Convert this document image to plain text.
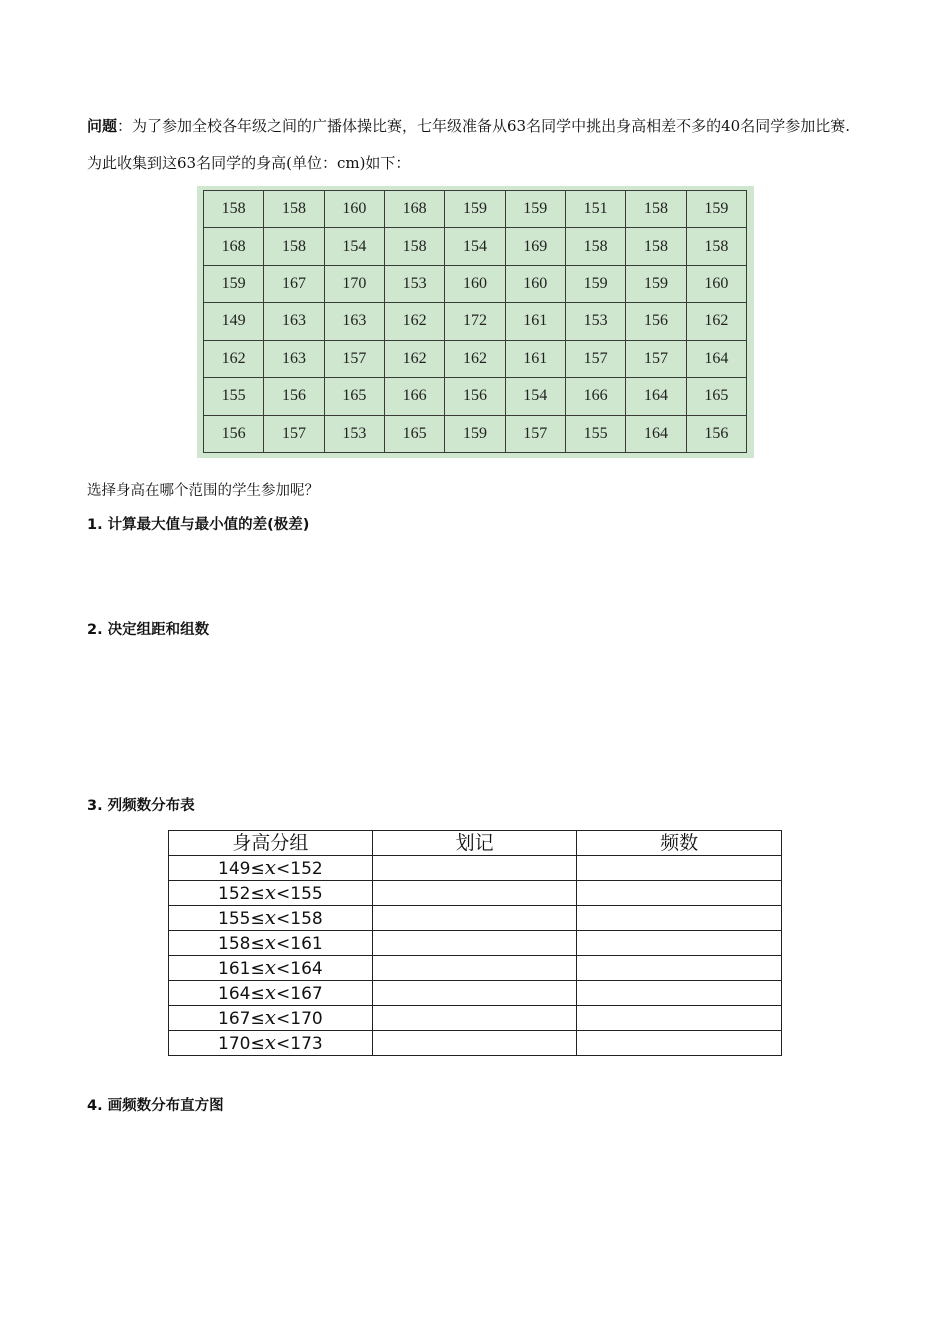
问题：为了参加全校各年级之间的广播体操比赛，七年级准备从63名同学中挑出身高相差不多的40名同学参加比赛. 为此收集到这63名同学的身高(单位：cm)如下：
158	158	160	168	159	159	151	158	159
168	158	154	158	154	169	158	158	158
159	167	170	153	160	160	159	159	160
149	163	163	162	172	161	153	156	162
162	163	157	162	162	161	157	157	164
155	156	165	166	156	154	166	164	165
156	157	153	165	159	157	155	164	156
选择身高在哪个范围的学生参加呢？
1. 计算最大值与最小值的差(极差)
2. 决定组距和组数
3. 列频数分布表
身高分组	划记	频数
149≤x<152		
152≤x<155		
155≤x<158		
158≤x<161		
161≤x<164		
164≤x<167		
167≤x<170		
170≤x<173		
4. 画频数分布直方图
